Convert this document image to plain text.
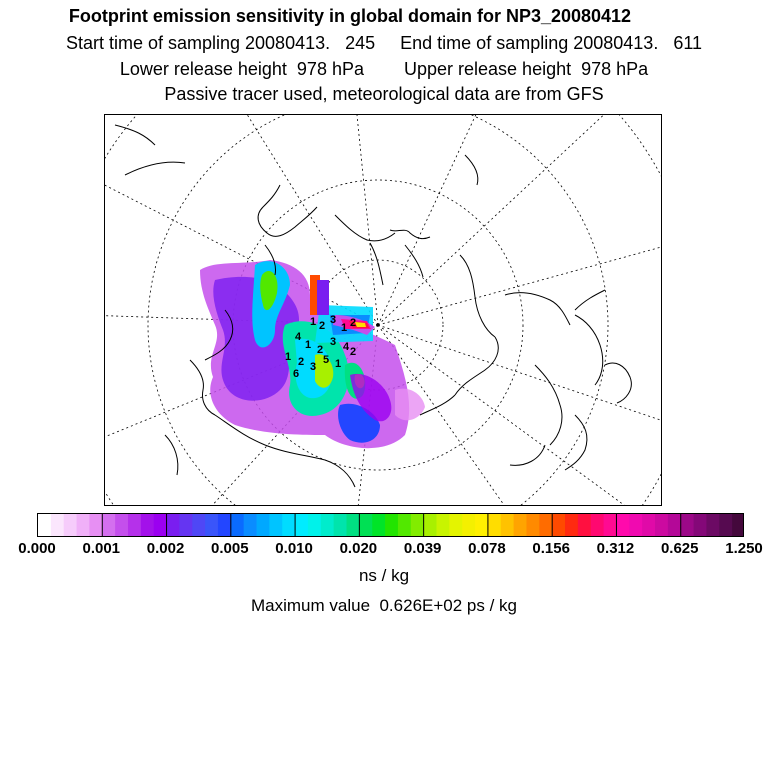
Footprint emission sensitivity in global domain for NP3_20080412
Start time of sampling 20080413.   245     End time of sampling 20080413.   611
Lower release height  978 hPa        Upper release height  978 hPa
Passive tracer used, meteorological data are from GFS
1 2 3
1 2
4
1 2
3 4
1 2 3
5 1
2
6
0.000 0.001 0.002 0.005 0.010 0.020 0.039 0.078 0.156 0.312 0.625 1.250
ns / kg
Maximum value  0.626E+02 ps / kg
